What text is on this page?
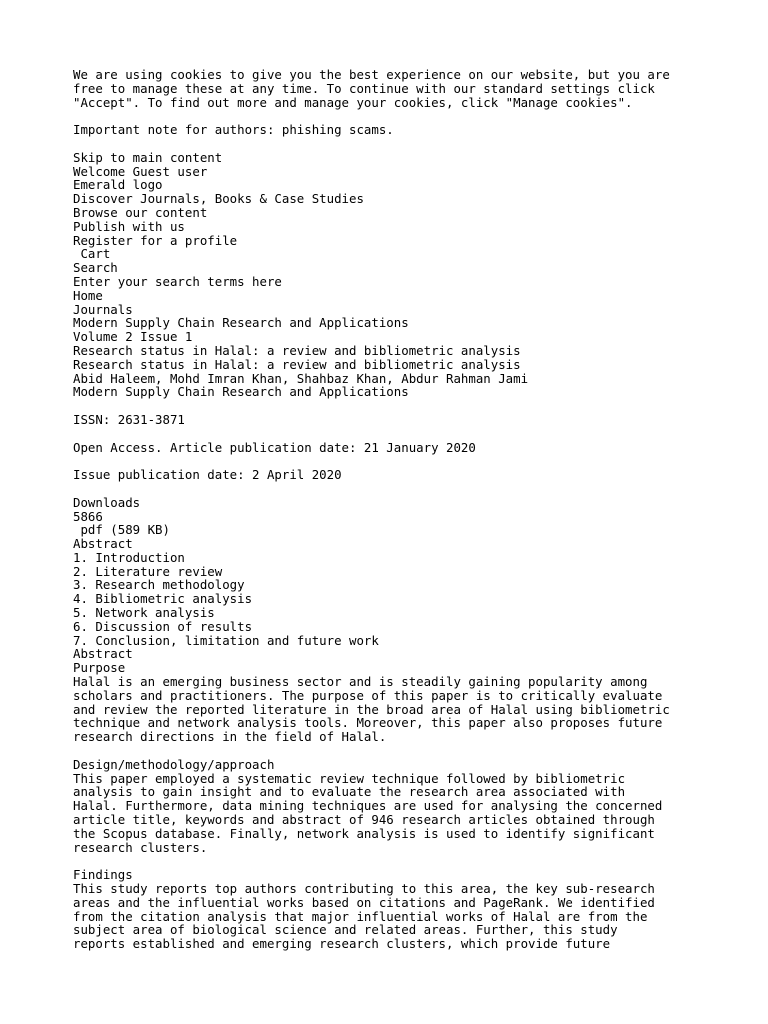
We are using cookies to give you the best experience on our website, but you are
free to manage these at any time. To continue with our standard settings click
"Accept". To find out more and manage your cookies, click "Manage cookies".
Important note for authors: phishing scams.
Skip to main content
Welcome Guest user
Emerald logo
Discover Journals, Books & Case Studies
Browse our content
Publish with us
Register for a profile
Cart
Search
Enter your search terms here
Home
Journals
Modern Supply Chain Research and Applications
Volume 2 Issue 1
Research status in Halal: a review and bibliometric analysis
Research status in Halal: a review and bibliometric analysis
Abid Haleem, Mohd Imran Khan, Shahbaz Khan, Abdur Rahman Jami
Modern Supply Chain Research and Applications
ISSN: 2631-3871
Open Access. Article publication date: 21 January 2020
Issue publication date: 2 April 2020
Downloads
5866
pdf (589 KB)
Abstract
1. Introduction
2. Literature review
3. Research methodology
4. Bibliometric analysis
5. Network analysis
6. Discussion of results
7. Conclusion, limitation and future work
Abstract
Purpose
Halal is an emerging business sector and is steadily gaining popularity among
scholars and practitioners. The purpose of this paper is to critically evaluate
and review the reported literature in the broad area of Halal using bibliometric
technique and network analysis tools. Moreover, this paper also proposes future
research directions in the field of Halal.
Design/methodology/approach
This paper employed a systematic review technique followed by bibliometric
analysis to gain insight and to evaluate the research area associated with
Halal. Furthermore, data mining techniques are used for analysing the concerned
article title, keywords and abstract of 946 research articles obtained through
the Scopus database. Finally, network analysis is used to identify significant
research clusters.
Findings
This study reports top authors contributing to this area, the key sub-research
areas and the influential works based on citations and PageRank. We identified
from the citation analysis that major influential works of Halal are from the
subject area of biological science and related areas. Further, this study
reports established and emerging research clusters, which provide future
